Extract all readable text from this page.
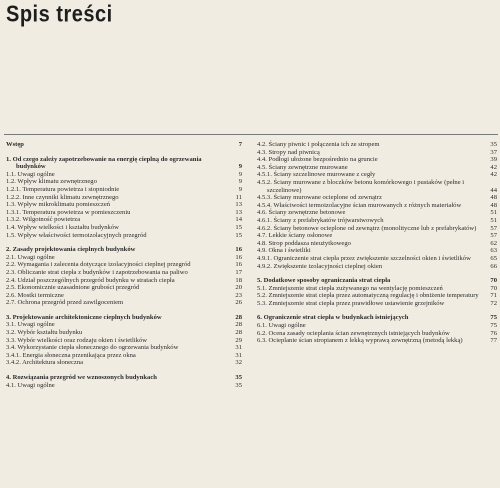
Spis treści
Wstęp	7
1. Od czego zależy zapotrzebowanie na energię cieplną do ogrzewania budynków	9
1.1. Uwagi ogólne	9
1.2. Wpływ klimatu zewnętrznego	9
1.2.1. Temperatura powietrza i stopniodnie	9
1.2.2. Inne czynniki klimatu zewnętrznego	11
1.3. Wpływ mikroklimatu pomieszczeń	13
1.3.1. Temperatura powietrza w pomieszczeniu	13
1.3.2. Wilgotność powietrza	14
1.4. Wpływ wielkości i kształtu budynków	15
1.5. Wpływ właściwości termoizolacyjnych przegród	15
2. Zasady projektowania cieplnych budynków	16
2.1. Uwagi ogólne	16
2.2. Wymagania i zalecenia dotyczące izolacyjności cieplnej przegród	16
2.3. Obliczanie strat ciepła z budynków i zapotrzebowania na paliwo	17
2.4. Udział poszczególnych przegród budynku w stratach ciepła	18
2.5. Ekonomicznie uzasadnione grubości przegród	20
2.6. Mostki termiczne	23
2.7. Ochrona przegród przed zawilgoceniem	26
3. Projektowanie architektoniczne cieplnych budynków	28
3.1. Uwagi ogólne	28
3.2. Wybór kształtu budynku	28
3.3. Wybór wielkości oraz rodzaju okien i świetlików	29
3.4. Wykorzystanie ciepła słonecznego do ogrzewania budynków	31
3.4.1. Energia słoneczna przenikająca przez okna	31
3.4.2. Architektura słoneczna	32
4. Rozwiązania przegród we wznoszonych budynkach	35
4.1. Uwagi ogólne	35
4.2. Ściany piwnic i połączenia ich ze stropem	35
4.3. Stropy nad piwnicą	37
4.4. Podłogi ułożone bezpośrednio na gruncie	39
4.5. Ściany zewnętrzne murowane	42
4.5.1. Ściany szczelinowe murowane z cegły	42
4.5.2. Ściany murowane z bloczków betonu komórkowego i pustaków (pełne i szczelinowe)	44
4.5.3. Ściany murowane ocieplone od zewnątrz	48
4.5.4. Właściwości termoizolacyjne ścian murowanych z różnych materiałów	48
4.6. Ściany zewnętrzne betonowe	51
4.6.1. Ściany z prefabrykatów trójwarstwowych	51
4.6.2. Ściany betonowe ocieplone od zewnątrz (monolityczne lub z prefabrykatów)	57
4.7. Lekkie ściany osłonowe	57
4.8. Strop poddasza nieużytkowego	62
4.9. Okna i świetliki	63
4.9.1. Ograniczenie strat ciepła przez zwiększenie szczelności okien i świetlików	65
4.9.2. Zwiększenie izolacyjności cieplnej okien	66
5. Dodatkowe sposoby ograniczania strat ciepła	70
5.1. Zmniejszenie strat ciepła zużywanego na wentylację pomieszczeń	70
5.2. Zmniejszenie strat ciepła przez automatyczną regulację i obniżenie temperatury	71
5.3. Zmniejszenie strat ciepła przez prawidłowe ustawienie grzejników	72
6. Ograniczenie strat ciepła w budynkach istniejących	75
6.1. Uwagi ogólne	75
6.2. Ocena zasady ocieplania ścian zewnętrznych istniejących budynków	76
6.3. Ocieplanie ścian stropianem z lekką wyprawą zewnętrzną (metodą lekką)	77
